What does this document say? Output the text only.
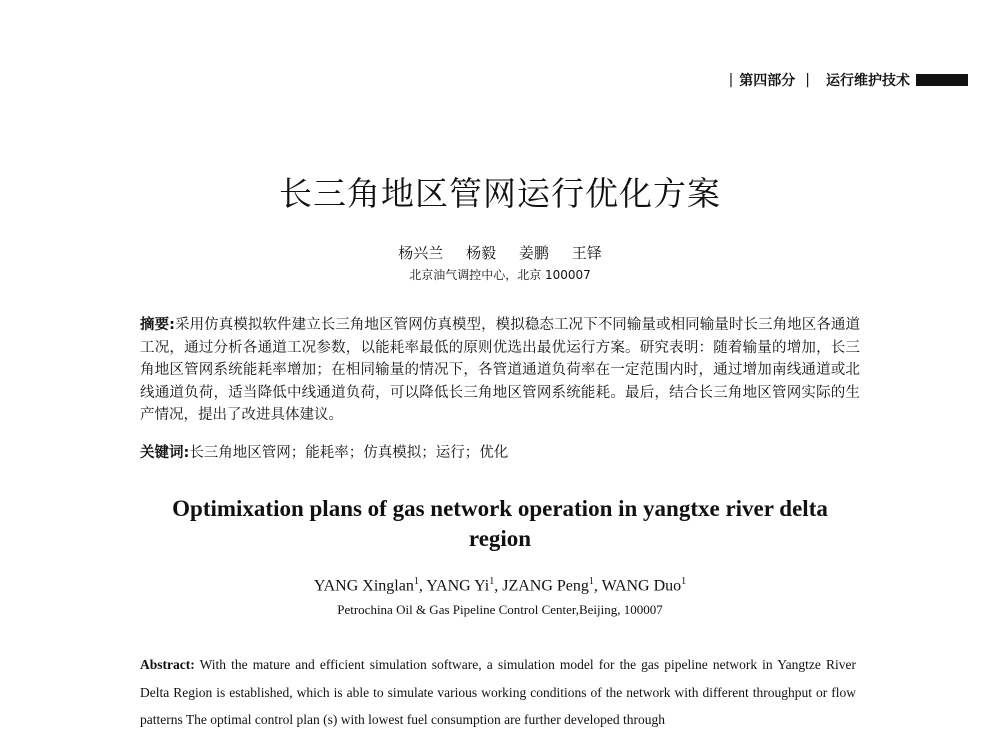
| 第四部分 | 运行维护技术
长三角地区管网运行优化方案
杨兴兰 杨毅 姜鹏 王铎
北京油气调控中心，北京 100007
摘要:采用仿真模拟软件建立长三角地区管网仿真模型，模拟稳态工况下不同输量或相同输量时长三角地区各通道工况，通过分析各通道工况参数，以能耗率最低的原则优选出最优运行方案。研究表明：随着输量的增加，长三角地区管网系统能耗率增加；在相同输量的情况下，各管道通道负荷率在一定范围内时，通过增加南线通道或北线通道负荷，适当降低中线通道负荷，可以降低长三角地区管网系统能耗。最后，结合长三角地区管网实际的生产情况，提出了改进具体建议。
关键词:长三角地区管网；能耗率；仿真模拟；运行；优化
Optimixation plans of gas network operation in yangtxe river delta region
YANG Xinglan$^1$, YANG Yi$^1$, JZANG Peng$^1$, WANG Duo$^1$
Petrochina Oil & Gas Pipeline Control Center,Beijing, 100007
Abstract: With the mature and efficient simulation software, a simulation model for the gas pipeline network in Yangtze River Delta Region is established, which is able to simulate various working conditions of the network with different throughput or flow patterns The optimal control plan (s) with lowest fuel consumption are further developed through
